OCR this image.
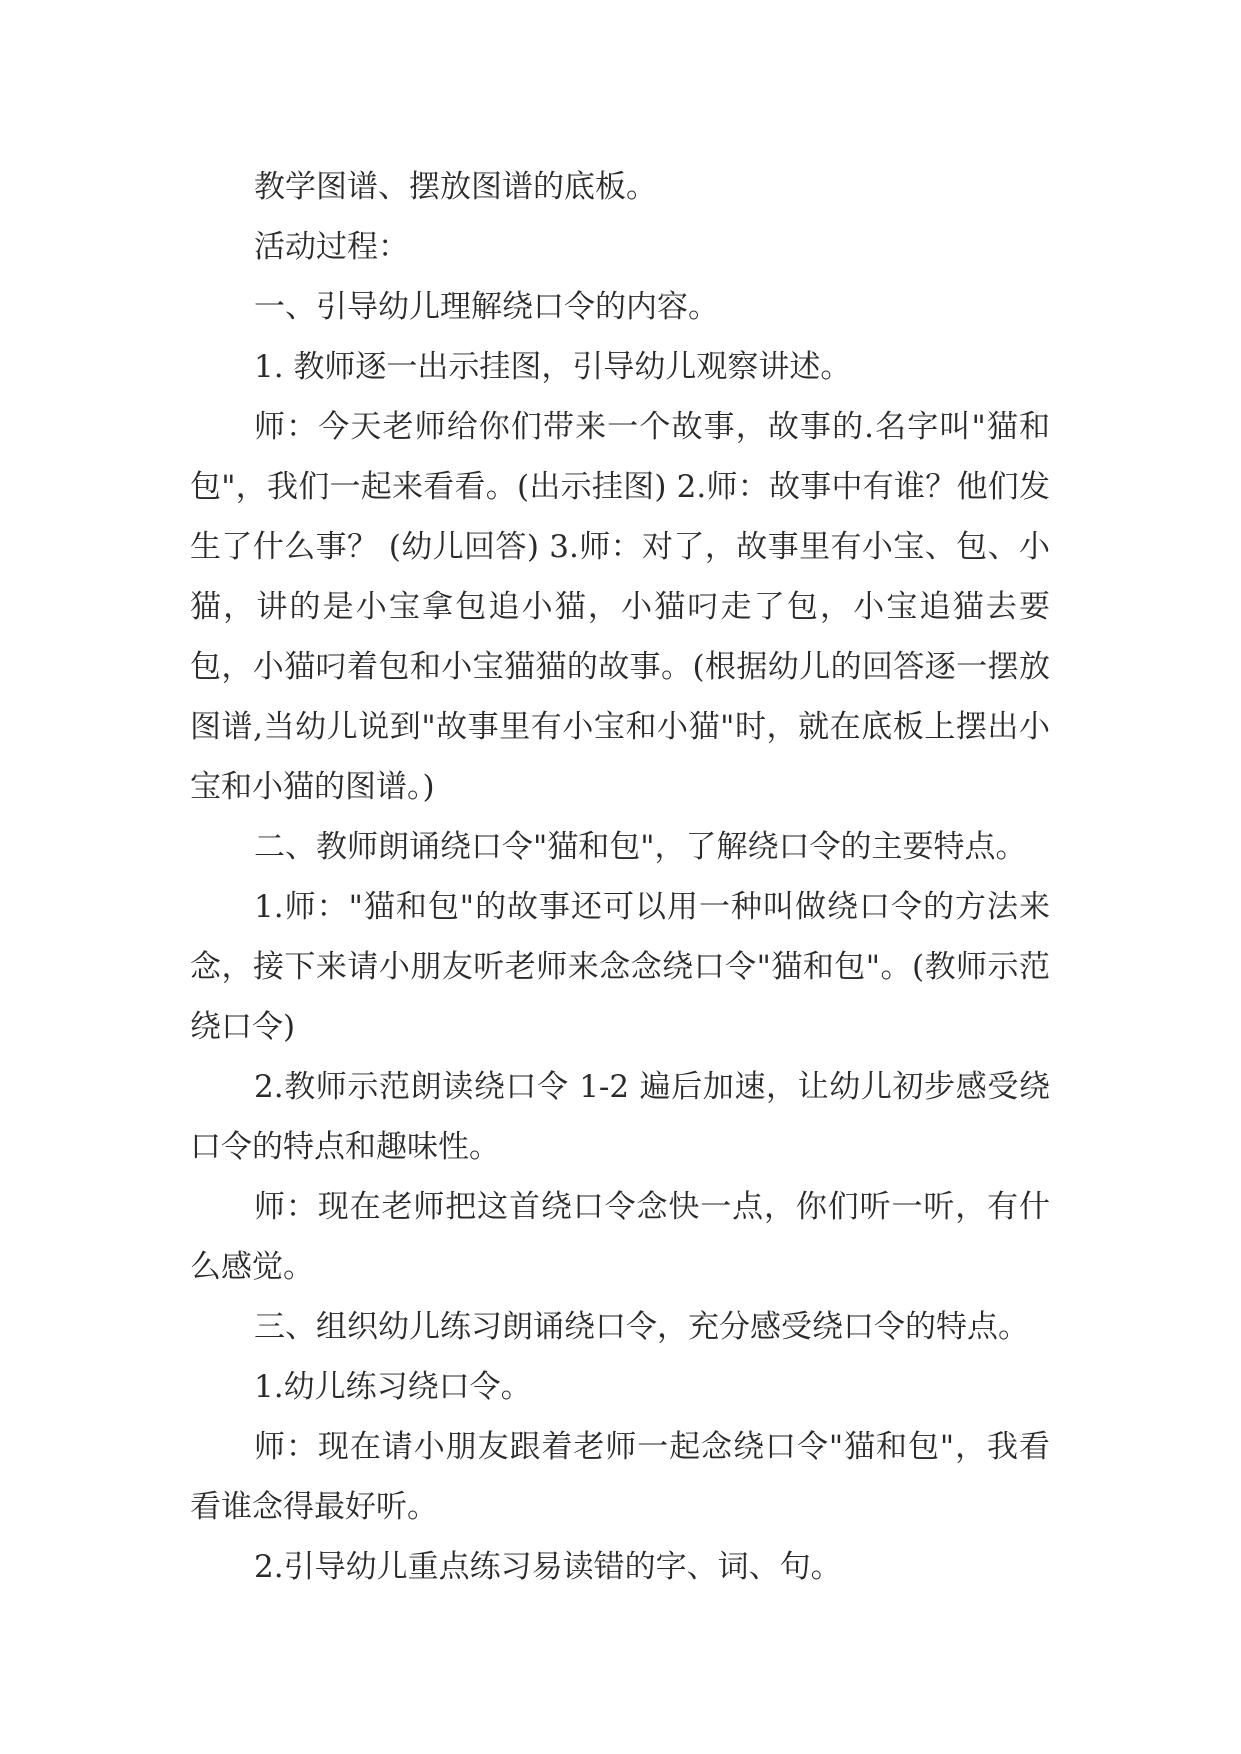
教学图谱、摆放图谱的底板。

活动过程：

一、引导幼儿理解绕口令的内容。

1. 教师逐一出示挂图，引导幼儿观察讲述。

师：今天老师给你们带来一个故事，故事的.名字叫"猫和包"，我们一起来看看。(出示挂图) 2.师：故事中有谁？他们发生了什么事？ (幼儿回答) 3.师：对了，故事里有小宝、包、小猫，讲的是小宝拿包追小猫，小猫叼走了包，小宝追猫去要包，小猫叼着包和小宝猫猫的故事。(根据幼儿的回答逐一摆放图谱,当幼儿说到"故事里有小宝和小猫"时，就在底板上摆出小宝和小猫的图谱。)

二、教师朗诵绕口令"猫和包"，了解绕口令的主要特点。

1.师："猫和包"的故事还可以用一种叫做绕口令的方法来念，接下来请小朋友听老师来念念绕口令"猫和包"。(教师示范绕口令)

2.教师示范朗读绕口令 1-2 遍后加速，让幼儿初步感受绕口令的特点和趣味性。

师：现在老师把这首绕口令念快一点，你们听一听，有什么感觉。

三、组织幼儿练习朗诵绕口令，充分感受绕口令的特点。

1.幼儿练习绕口令。

师：现在请小朋友跟着老师一起念绕口令"猫和包"，我看看谁念得最好听。

2.引导幼儿重点练习易读错的字、词、句。
